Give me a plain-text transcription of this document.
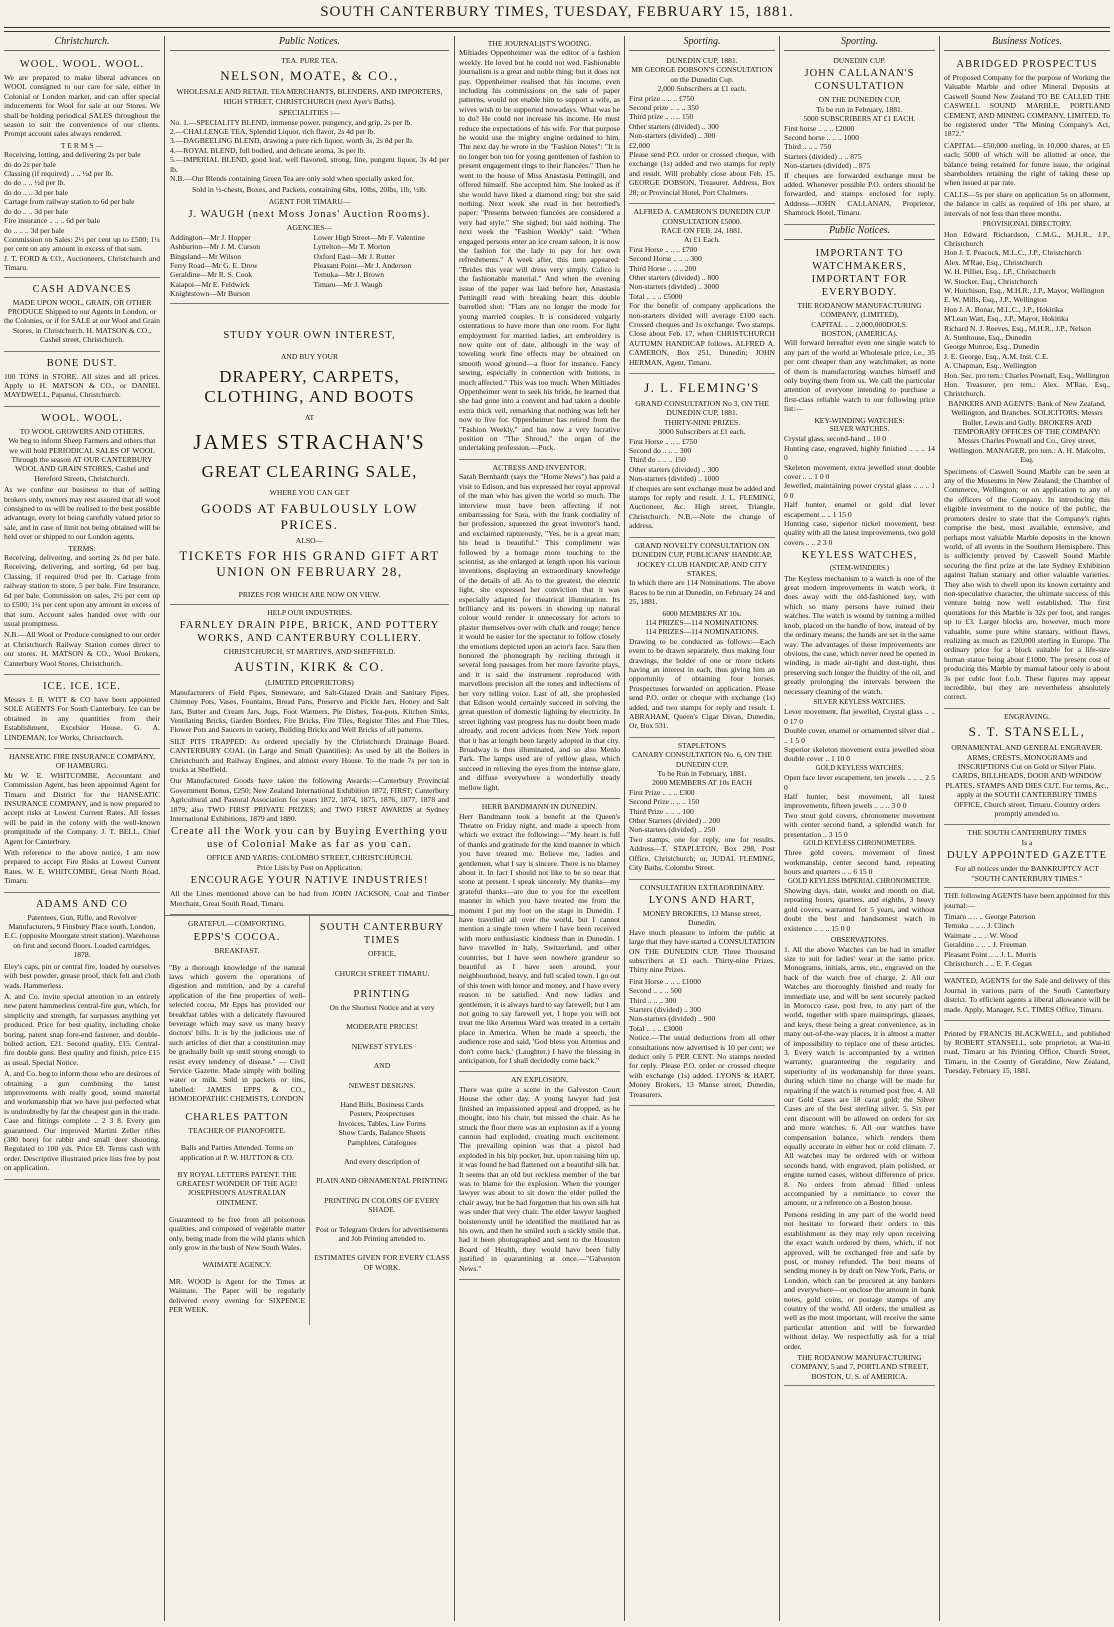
SOUTH CANTERBURY TIMES, TUESDAY, FEBRUARY 15, 1881.
Christchurch.
WOOL. WOOL. WOOL.

We are prepared to make liberal advances on WOOL consigned to our care for sale, either in Colonial or London market, and can offer special inducements for Wool for sale at our Stores. We shall be holding periodical SALES throughout the season to suit the convenience of our clients. Prompt account sales always rendered.

T E R M S —
Receiving, lotting, and delivering 2s per bale
do do 2s per bale
Classing (if required) .. .. ½d per lb.
do do .. .. ½d per lb.
do do .. .. 3d per bale
Cartage from railway station to 6d per bale
do do .. .. 3d per bale
Fire insurance .. .. .. 6d per bale
do .. .. .. 3d per bale
Commission on Sales: 2½ per cent up to £500; 1¼ per cent on any amount in excess of that sum.
J. T. FORD & CO., Auctioneers, Christchurch and Timaru.
CASH ADVANCES

MADE UPON WOOL, GRAIN, OR OTHER PRODUCE Shipped to our Agents in London, or the Colonies, or if for SALE at our Wool and Grain Stores, in Christchurch. H. MATSON & CO., Cashel street, Christchurch.

BONE DUST.

100 TONS in STORE. All sizes and all prices. Apply to H. MATSON & CO., or DANIEL MAYDWELL, Papanui, Christchurch.

WOOL. WOOL.
TO WOOL GROWERS AND OTHERS.

We beg to inform Sheep Farmers and others that we will hold PERIODICAL SALES OF WOOL Through the season AT OUR CANTERBURY WOOL AND GRAIN STORES, Cashel and Hereford Streets, Christchurch.

As we confine our business to that of selling brokers only, owners may rest assured that all wool consigned to us will be realised to the best possible advantage, every lot being carefully valued prior to sale, and in case of limit not being obtained will be held over or shipped to our London agents.

TERMS:

Receiving, delivering, and sorting 2s 0d per bale. Receiving, delivering, and sorting, 6d per bag. Classing, if required 0½d per lb. Cartage from railway station to store, 5 per bale. Fire Insurance, 6d per bale. Commission on sales, 2½ per cent up to £500; 1¼ per cent upon any amount in excess of that sum. Account sales handed over with our usual promptness.

N.B.—All Wool or Produce consigned to our order at Christchurch Railway Station comes direct to our stores. H. MATSON & CO., Wool Brokers, Canterbury Wool Stores, Christchurch.

ICE. ICE. ICE.

Messrs J. B. WITT & CO have been appointed SOLE AGENTS For South Canterbury. Ice can be obtained in any quantities from their Establishment, Excelsior House. G. A. LINDEMAN, Ice Works, Christchurch.

HANSEATIC FIRE INSURANCE COMPANY, OF HAMBURG.

Mr W. E. WHITCOMBE, Accountant and Commission Agent, has been appointed Agent for Timaru and District for the HANSEATIC INSURANCE COMPANY, and is now prepared to accept risks at Lowest Current Rates. All losses will be paid in the colony with the well-known promptitude of the Company. J. T. BELL, Chief Agent for Canterbury.

With reference to the above notice, I am now prepared to accept Fire Risks at Lowest Current Rates. W. E. WHITCOMBE, Great North Road, Timaru.

ADAMS AND CO

Patentees, Gun, Rifle, and Revolver Manufacturers, 9 Finsbury Place south, London, E.C. (opposite Moorgate street station). Warehouse on first and second floors. Loaded cartridges, 1878.

Eley's caps, pin or central fire, loaded by ourselves with best powder, grease proof, thick felt and cloth wads. Hammerless.

A. and Co. invite special attention to an entirely new patent hammerless central-fire gun, which, for simplicity and strength, far surpasses anything yet produced. Price for best quality, including choke boring, patent snap fore-end fastener, and double-bolted action, £21. Second quality, £15. Central-fire double guns. Best quality and finish, price £15 as usual. Special Notice.

A. and Co. beg to inform those who are desirous of obtaining a gun combining the latest improvements with really good, sound material and workmanship that we have just perfected what is undoubtedly by far the cheapest gun in the trade. Case and fittings complete .. 2 3 8. Every gun guaranteed. Our improved Martini Zeller rifles (380 bore) for rabbit and small deer shooting. Regulated to 100 yds. Price £8. Terms cash with order. Descriptive illustrated price lists free by post on application.

Public Notices.
TEA. PURE TEA.
NELSON, MOATE, & CO.,

WHOLESALE AND RETAIL TEA MERCHANTS, BLENDERS, AND IMPORTERS, HIGH STREET, CHRISTCHURCH (next Ayer's Baths).

SPECIALITIES :—
No. 1.—SPECIALITY BLEND, immense power, pungency, and grip, 2s per lb.
2.—CHALLENGE TEA, Splendid Liquor, rich flavor, 2s 4d per lb.
3.—DAGBEELING BLEND, drawing a pure rich liquor, worth 3s, 2s 8d per lb.
4.—ROYAL BLEND, full bodied, and delicate aroma, 3s per lb.
5.—IMPERIAL BLEND, good leaf, well flavored, strong, fine, pungent liquor, 3s 4d per lb.

N.B.—Our Blends containing Green Tea are only sold when specially asked for.

Sold in ½-chests, Boxes, and Packets, containing 6lbs, 10lbs, 20lbs, 1lb, ½lb.

AGENT FOR TIMARU—
J. WAUGH (next Moss Jonas' Auction Rooms).
AGENCIES—
Addington—Mr J. Hopper
Ashburton—Mr J. M. Curson
Bingsland—Mr Wilson
Ferry Road—Mr G. E. Drew
Geraldine—Mr R. S. Cook
Kaiapoi—Mr E. Feldwick
Knightstown—Mr Burson
Lower High Street—Mr F. Valentine
Lyttelton—Mr T. Morton
Oxford East—Mr J. Rutter
Pleasant Point—Mr J. Anderson
Temuka—Mr J. Brown
Timaru—Mr J. Waugh
STUDY YOUR OWN INTEREST,
AND BUY YOUR
DRAPERY, CARPETS, CLOTHING, AND BOOTS
AT
JAMES STRACHAN'S
GREAT CLEARING SALE,
WHERE YOU CAN GET
GOODS AT FABULOUSLY LOW PRICES.
ALSO—
TICKETS FOR HIS GRAND GIFT ART UNION ON FEBRUARY 28,
PRIZES FOR WHICH ARE NOW ON VIEW.
HELP OUR INDUSTRIES.
FARNLEY DRAIN PIPE, BRICK, AND POTTERY WORKS, AND CANTERBURY COLLIERY.
CHRISTCHURCH, ST MARTIN'S, AND SHEFFIELD.
AUSTIN, KIRK & CO.
(LIMITED PROPRIETORS)

Manufacturers of Field Pipes, Stoneware, and Salt-Glazed Drain and Sanitary Pipes, Chimney Pots, Vases, Fountains, Bread Pans, Preserve and Pickle Jars, Honey and Salt Jars, Butter and Cream Jars, Jugs, Foot Warmers, Pie Dishes, Tea-pots, Kitchen Sinks, Ventilating Bricks, Garden Borders, Fire Bricks, Fire Tiles, Register Tiles and Flue Tiles, Flower Pots and Saucers in variety, Building Bricks and Well Bricks of all patterns.

SILT PITS TRAPPED: As ordered specially by the Christchurch Drainage Board. CANTERBURY COAL (in Large and Small Quantities): As used by all the Boilers in Christchurch and Railway Engines, and almost every House. To the trade 7s per ton in trucks at Sheffield.

Our Manufactured Goods have taken the following Awards:—Canterbury Provincial Government Bonus, £250; New Zealand International Exhibition 1872, FIRST; Canterbury Agricultural and Pastoral Association for years 1872, 1874, 1875, 1876, 1877, 1878 and 1879, also TWO FIRST PRIVATE PRIZES; and TWO FIRST AWARDS at Sydney International Exhibitions, 1879 and 1880.

Create all the Work you can by Buying Everthing you use of Colonial Make as far as you can.
OFFICE AND YARDS: COLOMBO STREET, CHRISTCHURCH.
Price Lists by Post on Application.
ENCOURAGE YOUR NATIVE INDUSTRIES!

All the Lines mentioned above can be had from JOHN JACKSON, Coal and Timber Merchant, Great South Road, Timaru.

GRATEFUL—COMFORTING.
EPPS'S COCOA.
BREAKFAST.

"By a thorough knowledge of the natural laws which govern the operations of digestion and nutrition, and by a careful application of the fine properties of well-selected cocoa, Mr Epps has provided our breakfast tables with a delicately flavoured beverage which may save us many heavy doctors' bills. It is by the judicious use of such articles of diet that a constitution may be gradually built up until strong enough to resist every tendency of disease." — Civil Service Gazette. Made simply with boiling water or milk. Sold in packets or tins, labelled: JAMES EPPS & CO., HOMOEOPATHIC CHEMISTS, LONDON

CHARLES PATTON
TEACHER OF PIANOFORTE.

Balls and Parties Attended. Terms on application at P. W. HUTTON & CO.

BY ROYAL LETTERS PATENT. THE GREATEST WONDER OF THE AGE! JOSEPHSON'S AUSTRALIAN OINTMENT.

Guaranteed to be free from all poisonous qualities, and composed of vegetable matter only, being made from the wild plants which only grow in the bush of New South Wales.

WAIMATE AGENCY.

MR. WOOD is Agent for the Times at Waimate. The Paper will be regularly delivered every evening for SIXPENCE PER WEEK.

SOUTH CANTERBURY TIMES
OFFICE,
CHURCH STREET TIMARU.
PRINTING
On the Shortest Notice and at very
MODERATE PRICES!
NEWEST STYLES
AND
NEWEST DESIGNS.
Hand Bills, Business Cards
Posters, Prospectuses
Invoices, Tables, Law Forms
Show Cards, Balance Sheets
Pamphlets, Catalogues
And every description of
PLAIN AND ORNAMENTAL PRINTING
PRINTING IN COLORS OF EVERY SHADE.
Post or Telegram Orders for advertisements and Job Printing attended to.
ESTIMATES GIVEN FOR EVERY CLASS OF WORK.
THE JOURNALIST'S WOOING.

Miltiades Oppenheimer was the editor of a fashion weekly. He loved but he could not wed. Fashionable journalism is a great and noble thing; but it does not pay. Oppenheimer realised that his income, even including his commissions on the sale of paper patterns, would not enable him to support a wife, as wives wish to be supported nowadays. What was he to do? He could not increase his income. He must reduce the expectations of his wife. For that purpose he would use the mighty engine ordained to him. The next day he wrote in the "Fashion Notes": "It is no longer bon ton for young gentlemen of fashion to present engagement rings to their fiancées." Then he went to the house of Miss Anastasia Pettingill, and offered himself. She accepted him. She looked as if she would have liked a diamond ring; but she said nothing. Next week she read in her betrothed's paper: "Presents between fiancées are considered a very bad style." She sighed; but said nothing. The next week the "Fashion Weekly" said: "When engaged persons enter an ice cream saloon, it is now the fashion for the lady to pay for her own refreshments." A week after, this item appeared: "Brides this year will dress very simply. Calico is the fashionable material." And when the evening issue of the paper was laid before her, Anastasia Pettingill read with breaking heart this double barrelled shot: "Flats are no longer the mode for young married couples. It is considered vulgarly ostentatious to have more than one room. For light employment for married ladies, art embroidery is now quite out of date, although in the way of toweling work fine effects may be obtained on smooth wood ground—a floor for instance. Fancy sewing, especially in connection with buttons, is much affected." This was too much. When Miltiades Oppenheimer went to seek his bride, he learned that she had gone into a convent and had taken a double extra thick veil, remarking that nothing was left her now to live for. Oppenheimer has retired from the "Fashion Weekly," and has now a very lucrative position on "The Shroud," the organ of the undertaking profession.—Puck.

ACTRESS AND INVENTOR.

Sarah Bernhardt (says the "Home News") has paid a visit to Edison, and has expressed her royal approval of the man who has given the world so much. The interview must have been affecting if not embarrassing for Sara, with the frank cordiality of her profession, squeezed the great inventor's hand, and exclaimed rapturously, "Yes, he is a great man; his head is beautiful." This compliment was followed by a homage more touching to the scientist, as she enlarged at length upon his various inventions, displaying an extraordinary knowledge of the details of all. As to the greatest, the electric light, she expressed her conviction that it was especially adapted for theatrical illumination. Its brilliancy and its powers in showing up natural colour would render it unnecessary for actors to plaster themselves over with chalk and rouge; hence it would be easier for the spectator to follow closely the emotions depicted upon an actor's face. Sara then honored the phonograph by reciting through it several long passages from her more favorite plays, and it is said the instrument reproduced with marvellous precision all the tones and inflections of her very telling voice. Last of all, she prophesied that Edison would certainly succeed in solving the great question of domestic lighting by electricity. In street lighting vast progress has no doubt been made already, and recent advices from New York report that it has at length been largely adopted in that city. Broadway is thus illuminated, and so also Menlo Park. The lamps used are of yellow glass, which succeed in relieving the eyes from the intense glare, and diffuse everywhere a wonderfully steady mellow light.

HERR BANDMANN IN DUNEDIN.

Herr Bandmann took a benefit at the Queen's Theatre on Friday night, and made a speech from which we extract the following:—"My heart is full of thanks and gratitude for the kind manner in which you have treated me. Believe me, ladies and gentlemen, what I say is sincere. There is no blarney about it. In fact I should not like to be so near that stone at present. I speak sincerely. My thanks—my grateful thanks—are due to you for the excellent manner in which you have treated me from the moment I put my foot on the stage in Dunedin. I have travelled all over the world, but I cannot mention a single town where I have been received with more enthusiastic kindness than in Dunedin. I have travelled in Italy, Switzerland, and other countries, but I have seen nowhere grandeur so beautiful as I have seen around, your neighbourhood, heavy, and full scaled town. I go out of this town with honor and money, and I have every reason to be satisfied. And now ladies and gentlemen, it is always hard to say farewell; but I am not going to say farewell yet, I hope you will not treat me like Artemus Ward was treated in a certain place in America. When he made a speech, the audience rose and said, 'God bless you Artemus and don't come back.' (Laughter.) I have the blessing in anticipation, for I shall decidedly come back."

AN EXPLOSION.

There was quite a scene in the Galveston Court House the other day. A young lawyer had just finished an impassioned appeal and dropped, as he thought, into his chair, but missed the chair. As he struck the floor there was an explosion as if a young cannon had exploded, creating much excitement. The prevailing opinion was that a pistol had exploded in his hip pocket, but, upon raising him up, it was found he had flattened out a beautiful silk hat. It seems that an old but reckless member of the bar was to blame for the explosion. When the younger lawyer was about to sit down the elder pulled the chair away, but he had forgotten that his own silk hat was under that very chair. The elder lawyer laughed boisterously until he identified the mutilated hat as his own, and then he smiled such a sickly smile that, had it been photographed and sent to the Houston Board of Health, they would have been fully justified in quarantining at once.—"Galveston News."

Sporting.
DUNEDIN CUP, 1881.
MR GEORGE DOBSON'S CONSULTATION on the Dunedin Cup.
2,000 Subscribers at £1 each.
First prize .. .. .. £750
Second prize .. .. .. 350
Third prize .. .. .. 150
Other starters (divided) .. 300
Non-starters (divided) .. 300
£2,000

Please send P.O. order or crossed cheque, with exchange (1s) added and two stamps for reply and result. Will probably close about Feb. 15. GEORGE DOBSON, Treasurer. Address, Box 28; or Provincial Hotel, Port Chalmers.

ALFRED A. CAMERON'S DUNEDIN CUP CONSULTATION £5000.
RACE ON FEB. 24, 1881.
At £1 Each.
First Horse .. .. .. £700
Second Horse .. .. .. 300
Third Horse .. .. .. 200
Other starters (divided) .. 800
Non-starters (divided) .. 3000
Total .. .. .. £5000

For the benefit of company applications the non-starters divided will average £100 each. Crossed cheques and 1s exchange. Two stamps. Close about Feb. 17, when CHRISTCHURCH AUTUMN HANDICAP follows. ALFRED A. CAMERON, Box 251, Dunedin; JOHN HERMAN, Agent, Timaru.

J. L. FLEMING'S
GRAND CONSULTATION No 3, ON THE DUNEDIN CUP, 1881.
THIRTY-NINE PRIZES.
3000 Subscribers at £1 each.
First Horse .. .. .. £750
Second do .. .. .. 300
Third do .. .. .. 150
Other starters (divided) .. 300
Non-starters (divided) .. 1000

If cheques are sent exchange must be added and stamps for reply and result. J. L. FLEMING, Auctioneer, &c. High street, Triangle, Christchurch. N.B.—Note the change of address.

GRAND NOVELTY CONSULTATION ON DUNEDIN CUP, PUBLICANS' HANDICAP, JOCKEY CLUB HANDICAP, AND CITY STAKES,

In which there are 114 Nominations. The above Races to be run at Dunedin, on February 24 and 25, 1881.

6000 MEMBERS AT 10s.
114 PRIZES—114 NOMINATIONS.
114 PRIZES—114 NOMINATIONS.

Drawing to be conducted as follows:—Each event to be drawn separately, thus making four drawings, the holder of one or more tickets having an interest in each, thus giving him an opportunity of obtaining four horses. Prospectuses forwarded on application. Please send P.O. order or cheque with exchange (1s) added, and two stamps for reply and result. I. ABRAHAM, Queen's Cigar Divan, Dunedin, Or, Box 531.

STAPLETON'S
CANARY CONSULTATION No. 6, ON THE DUNEDIN CUP,
To be Run in February, 1881.
2000 MEMBERS AT 10s EACH
First Prize .. .. .. £300
Second Prize .. .. .. 150
Third Prize .. .. .. 100
Other Starters (divided) .. 200
Non-starters (divided) .. 250

Two stamps, one for reply, one for results. Address—T. STAPLETON, Box 298, Post Office, Christchurch; or, JUDAL FLEMING, City Baths, Colombo Street.

CONSULTATION EXTRAORDINARY.
LYONS AND HART,
MONEY BROKERS, 13 Manse street, Dunedin,

Have much pleasure to inform the public at large that they have started a CONSULTATION ON THE DUNEDIN CUP. Three Thousand subscribers at £1 each. Thirty-nine Prizes. Thirty nine Prizes.

First Horse .. .. .. £1000
Second .. .. .. 500
Third .. .. .. 300
Starters (divided) .. 300
Non-starters (divided) .. 900
Total .. .. .. £3000

Notice.—The usual deductions from all other consultations now advertised is 10 per cent; we deduct only 5 PER CENT. No stamps needed for reply. Please P.O. order or crossed cheque with exchange (1s) added. LYONS & HART, Money Brokers, 13 Manse street, Dunedin, Treasurers.

Sporting.
DUNEDIN CUP.
JOHN CALLANAN'S CONSULTATION
ON THE DUNEDIN CUP,
To be run in February, 1881.
5000 SUBSCRIBERS AT £1 EACH.
First horse .. .. .. £2000
Second horse .. .. .. 1000
Third .. .. .. 750
Starters (divided) .. .. 875
Non-starters (divided) .. 875

If cheques are forwarded exchange must be added. Whenever possible P.O. orders should be forwarded, and stamps enclosed for reply. Address—JOHN CALLANAN, Proprietor, Shamrock Hotel, Timaru.

Public Notices.
IMPORTANT TO WATCHMAKERS, IMPORTANT FOR EVERYBODY.
THE RODANOW MANUFACTURING COMPANY, (LIMITED),
CAPITAL .. .. 2,000,000DOLS.
BOSTON, (AMERICA).

Will forward hereafter even one single watch to any part of the world at Wholesale price, i.e., 35 per cent cheaper than any watchmaker, as none of them is manufacturing watches himself and only buying them from us. We call the particular attention of everyone intending to purchase a first-class reliable watch to our following price list:—

KEY-WINDING WATCHES:
SILVER WATCHES.
Crystal glass, second-hand .. 10 0
Hunting case, engraved, highly finished .. .. .. 14 0
Skeleton movement, extra jewelled stout double cover .. .. 1 0 0
Jewelled, maintaining power crystal glass .. .. .. 1 0 0
Half hunter, enamel or gold dial lever escapement .. .. 1 15 0
Hunting case, superior nickel movement, best quality with all the latest improvements, two gold covers .. .. 2 3 0
KEYLESS WATCHES,
(STEM-WINDERS.)

The Keyless mechanism to a watch is one of the great modern improvements in watch work, it does away with the old-fashioned key, with which so many persons have ruined their watches. The watch is wound by turning a milled knob, placed on the handle of bow, instead of by the ordinary means; the hands are set in the same way. The advantages of these improvements are obvious, the case, which never need be opened in winding, is made air-tight and dust-tight, thus preserving such longer the fluidity of the oil, and greatly prolonging the intervals between the necessary cleaning of the watch.

SILVER KEYLESS WATCHES.
Lever movement, flat jewelled, Crystal glass .. .. 0 17 0
Double cover, enamel or ornamented silver dial .. .. 1 5 0
Superior skeleton movement extra jewelled stout double cover .. 1 10 0
GOLD KEYLESS WATCHES.
Open face lever escapement, ten jewels .. .. .. 2 5 0
Half hunter, best movement, all latest improvements, fifteen jewels .. .. .. 3 0 0
Two stout gold covers, chronometer movement with center second hand, a splendid watch for presentation .. 3 15 0
GOLD KEYLESS CHRONOMETERS.
Three gold covers, movement of finest workmanship, center second hand, repeating hours and quarters .. .. 6 15 0
GOLD KEYLESS IMPERIAL CHRONOMETER.

Showing days, date, weeks and month on dial, repeating hours, quarters, and eighths, 3 heavy gold covers, warranted for 5 years, and without doubt the best and handsomest watch in existence .. .. .. 15 0 0

OBSERVATIONS.

1. All the above Watches can be had in smaller size to suit for ladies' wear at the same price. Monograms, initials, arms, etc., engraved on the back of the watch free of charge. 2. All our Watches are thoroughly finished and ready for immediate use, and will be sent securely packed in Morocco case, post free, to any part of the world, together with spare mainsprings, glasses, and keys, these being a great convenience, as in many out-of-the-way places, it is almost a matter of impossibility to replace one of these articles. 3. Every watch is accompanied by a written warranty, guaranteeing the regularity and superiority of its workmanship for three years, during which time no charge will be made for repairing if the watch is returned post free. 4. All our Gold Cases are 18 carat gold; the Silver Cases are of the best sterling silver. 5. Six per cent discount will be allowed on orders for six and more watches. 6. All our watches have compensation balance, which renders them equally accurate in either hot or cold climate. 7. All watches may be ordered with or without seconds hand, with engraved, plain polished, or engine turned cases, without difference of price. 8. No orders from abroad filled unless accompanied by a remittance to cover the amount, or a reference on a Boston house.

Persons residing in any part of the world need not hesitate to forward their orders to this establishment as they may rely upon receiving the exact watch ordered by them, which, if not approved, will be exchanged free and safe by post, or money refunded. The best means of sending money is by draft on New York, Paris, or London, which can be procured at any bankers and everywhere—or enclose the amount in bank notes, gold coins, or postage stamps of any country of the world. All orders, the smallest as well as the most important, will receive the same particular attention and will be forwarded without delay. We respectfully ask for a trial order.

THE RODANOW MANUFACTURING COMPANY, 5 and 7, PORTLAND STREET, BOSTON, U. S. of AMERICA.
Business Notices.
ABRIDGED PROSPECTUS

of Proposed Company for the purpose of Working the Valuable Marble and other Mineral Deposits at Caswell Sound New Zealand TO BE CALLED THE CASWELL SOUND MARBLE, PORTLAND CEMENT, AND MINING COMPANY, LIMITED, To be registered under "The Mining Company's Act, 1872."

CAPITAL—£50,000 sterling, in 10,000 shares, at £5 each; 5000 of which will be allotted at once, the balance being retained for future issue, the original shareholders retaining the right of taking these up when issued at par rate.

CALLS—5s per share on application 5s on allotment, the balance in calls as required of 10s per share, at intervals of not less than three months.

PROVISIONAL DIRECTORY.
Hon Edward Richardson, C.M.G., M.H.R., J.P., Christchurch
Hon J. T. Peacock, M.L.C., J.P., Christchurch
Alex. M'Rae, Esq., Christchurch
W. H. Pilliet, Esq., J.P., Christchurch
W. Stocker, Esq., Christchurch
W. Hutchison, Esq., M.H.R., J.P., Mayor, Wellington
E. W. Mills, Esq., J.P., Wellington
Hon J. A. Bonar, M.L.C., J.P., Hokitika
M'Lean Watt, Esq., J.P., Mayor, Hokitika
Richard N. J. Reeves, Esq., M.H.R., J.P., Nelson
A. Stenhouse, Esq., Dunedin
George Munroe, Esq., Dunedin
J. E. George, Esq., A.M. Inst. C.E.
A. Chapman, Esq., Wellington
Hon. Sec. pro tem.: Charles Pownall, Esq., Wellington
Hon. Treasurer, pro tem.: Alex. M'Rae, Esq., Christchurch.

BANKERS AND AGENTS: Bank of New Zealand, Wellington, and Branches. SOLICITORS: Messrs Buller, Lewis and Gully. BROKERS AND TEMPORARY OFFICES OF THE COMPANY: Messrs Charles Pownall and Co., Grey street, Wellington. MANAGER, pro tem.: A. H. Malcolm, Esq.

Specimens of Caswell Sound Marble can be seen at any of the Museums in New Zealand; the Chamber of Commerce, Wellington; or on application to any of the officers of the Company. In introducing this eligible investment to the notice of the public, the promoters desire to state that the Company's rights comprise the best, most available, extensive, and perhaps most valuable Marble deposits in the known world, of all events in the Southern Hemisphere. This is sufficiently proved by Caswell Sound Marble securing the first prize at the late Sydney Exhibition against Italian statuary and other valuable varieties. They also wish to dwell upon its known certainty and non-speculative character, the ultimate success of this venture being now well established. The first quotations for this Marble is 32s per foot, and ranges up to £3. Larger blocks are, however, much more valuable, some pure white statuary, without flaws, realizing as much as £20,000 sterling in Europe. The ordinary price for a block suitable for a life-size human statue being about £1000. The present cost of producing this Marble by manual labour only is about 3s per cubic foot f.o.b. These figures may appear incredible, but they are nevertheless absolutely correct.

ENGRAVING.
S. T. STANSELL,
ORNAMENTAL AND GENERAL ENGRAVER.
ARMS, CRESTS, MONOGRAMS and INSCRIPTIONS Cut on Gold or Silver Plate.

CARDS, BILLHEADS, DOOR AND WINDOW PLATES, STAMPS AND DIES CUT. For terms, &c., apply at the SOUTH CANTERBURY TIMES OFFICE, Church street, Timaru. Country orders promptly attended to.

THE SOUTH CANTERBURY TIMES
Is a
DULY APPOINTED GAZETTE
For all notices under the BANKRUPTCY ACT
"SOUTH CANTERBURY TIMES."

THE following AGENTS have been appointed for this journal:—

Timaru .. .. .. George Paterson
Temuka .. .. .. J. Clinch
Waimate .. .. .. W. Wood
Geraldine .. .. .. J. Freeman
Pleasant Point .. .. J. L. Morris
Christchurch .. .. E. F. Cegan

WANTED, AGENTS for the Sale and delivery of this Journal in various parts of the South Canterbury district. To efficient agents a liberal allowance will be made. Apply, Manager, S.C. TIMES Office, Timaru.

Printed by FRANCIS BLACKWELL, and published by ROBERT STANSELL, sole proprietor, at Wai-iti road, Timaru at his Printing Office, Church Street, Timaru, in the County of Geraldine, New Zealand, Tuesday, February 15, 1881.
